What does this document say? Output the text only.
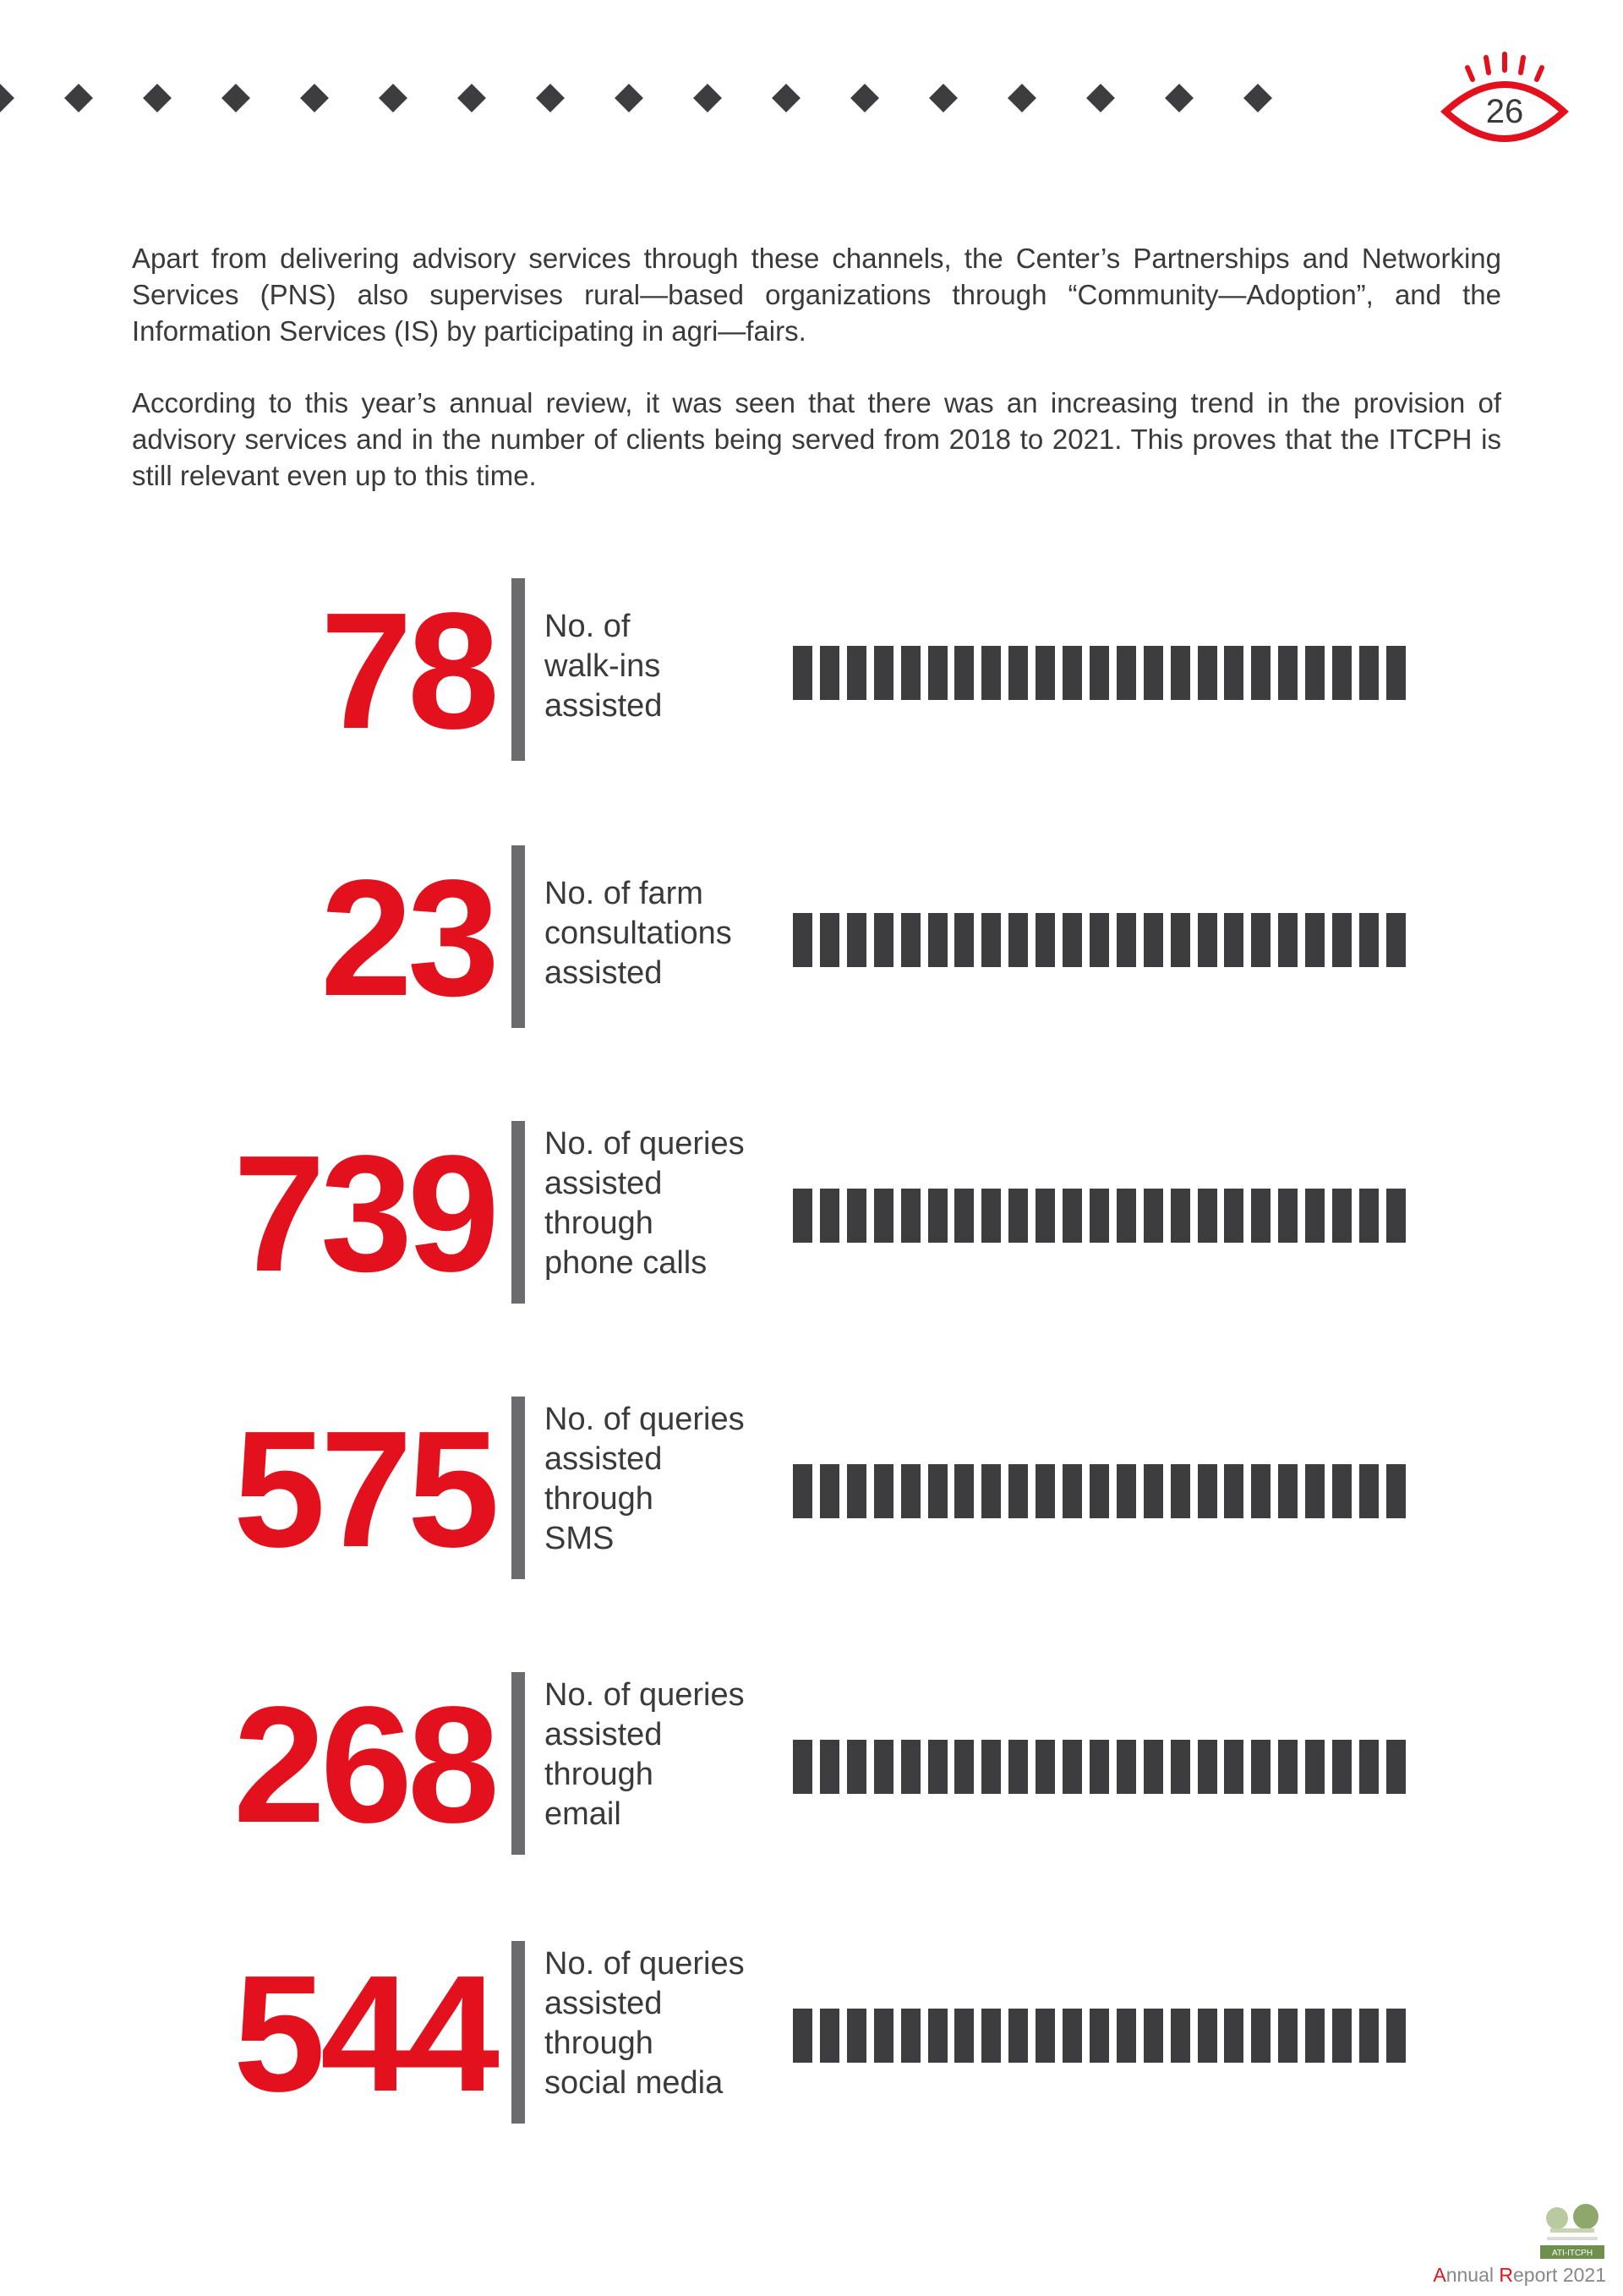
26

Apart from delivering advisory services through these channels, the Center’s Partnerships and Networking Services (PNS) also supervises rural—based organizations through “Community—Adoption”, and the Information Services (IS) by participating in agri—fairs.

According to this year’s annual review, it was seen that there was an increasing trend in the provision of advisory services and in the number of clients being served from 2018 to 2021. This proves that the ITCPH is still relevant even up to this time.

78 No. of
walk-ins
assisted
23 No. of farm
consultations
assisted
739 No. of queries
assisted
through
phone calls
575 No. of queries
assisted
through
SMS
268 No. of queries
assisted
through
email
544 No. of queries
assisted
through
social media
ATI-ITCPH
Annual Report 2021
